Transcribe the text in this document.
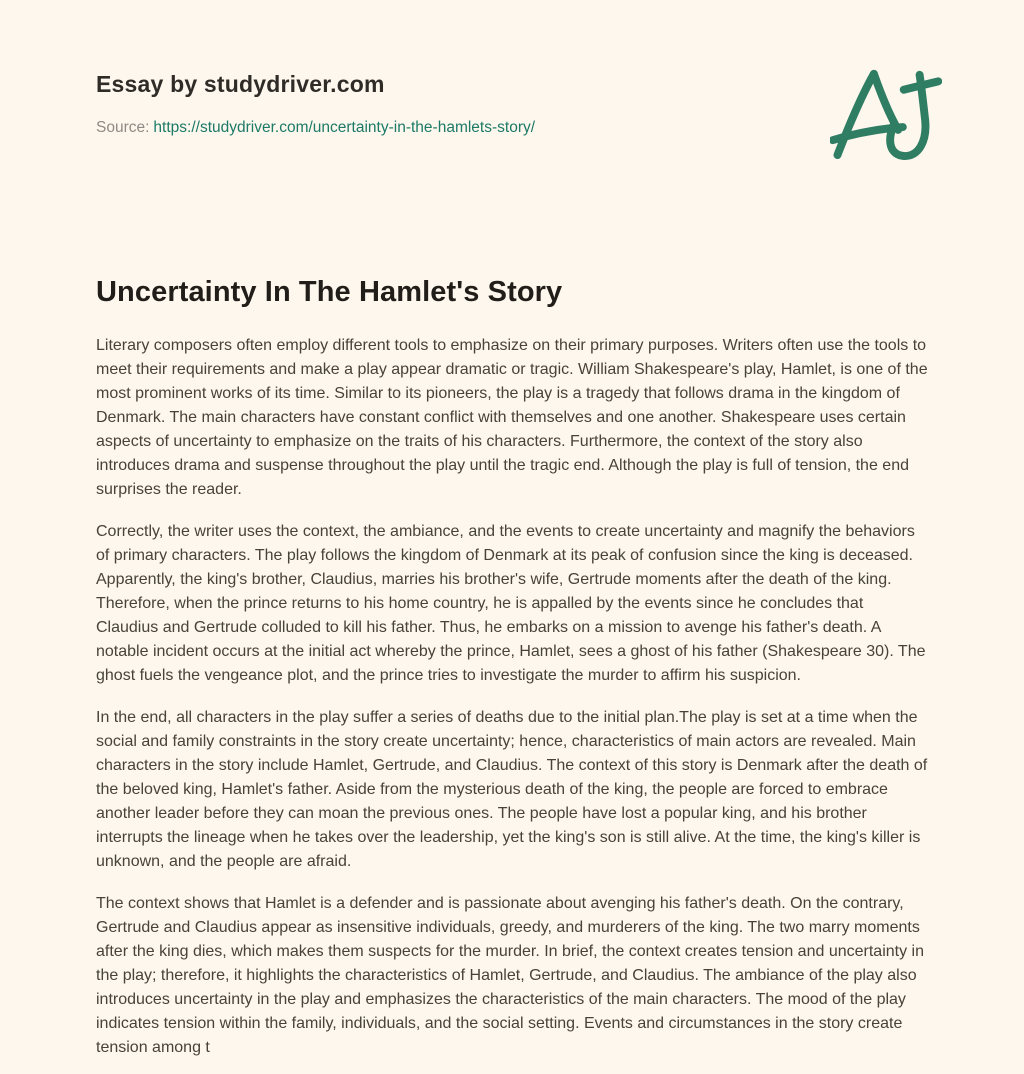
Essay by studydriver.com
Source: https://studydriver.com/uncertainty-in-the-hamlets-story/
Uncertainty In The Hamlet's Story

Literary composers often employ different tools to emphasize on their primary purposes. Writers often use the tools to meet their requirements and make a play appear dramatic or tragic. William Shakespeare's play, Hamlet, is one of the most prominent works of its time. Similar to its pioneers, the play is a tragedy that follows drama in the kingdom of Denmark. The main characters have constant conflict with themselves and one another. Shakespeare uses certain aspects of uncertainty to emphasize on the traits of his characters. Furthermore, the context of the story also introduces drama and suspense throughout the play until the tragic end. Although the play is full of tension, the end surprises the reader.

Correctly, the writer uses the context, the ambiance, and the events to create uncertainty and magnify the behaviors of primary characters. The play follows the kingdom of Denmark at its peak of confusion since the king is deceased. Apparently, the king's brother, Claudius, marries his brother's wife, Gertrude moments after the death of the king. Therefore, when the prince returns to his home country, he is appalled by the events since he concludes that Claudius and Gertrude colluded to kill his father. Thus, he embarks on a mission to avenge his father's death. A notable incident occurs at the initial act whereby the prince, Hamlet, sees a ghost of his father (Shakespeare 30). The ghost fuels the vengeance plot, and the prince tries to investigate the murder to affirm his suspicion.

In the end, all characters in the play suffer a series of deaths due to the initial plan.The play is set at a time when the social and family constraints in the story create uncertainty; hence, characteristics of main actors are revealed. Main characters in the story include Hamlet, Gertrude, and Claudius. The context of this story is Denmark after the death of the beloved king, Hamlet's father. Aside from the mysterious death of the king, the people are forced to embrace another leader before they can moan the previous ones. The people have lost a popular king, and his brother interrupts the lineage when he takes over the leadership, yet the king's son is still alive. At the time, the king's killer is unknown, and the people are afraid.

The context shows that Hamlet is a defender and is passionate about avenging his father's death. On the contrary, Gertrude and Claudius appear as insensitive individuals, greedy, and murderers of the king. The two marry moments after the king dies, which makes them suspects for the murder. In brief, the context creates tension and uncertainty in the play; therefore, it highlights the characteristics of Hamlet, Gertrude, and Claudius. The ambiance of the play also introduces uncertainty in the play and emphasizes the characteristics of the main characters. The mood of the play indicates tension within the family, individuals, and the social setting. Events and circumstances in the story create tension among t
